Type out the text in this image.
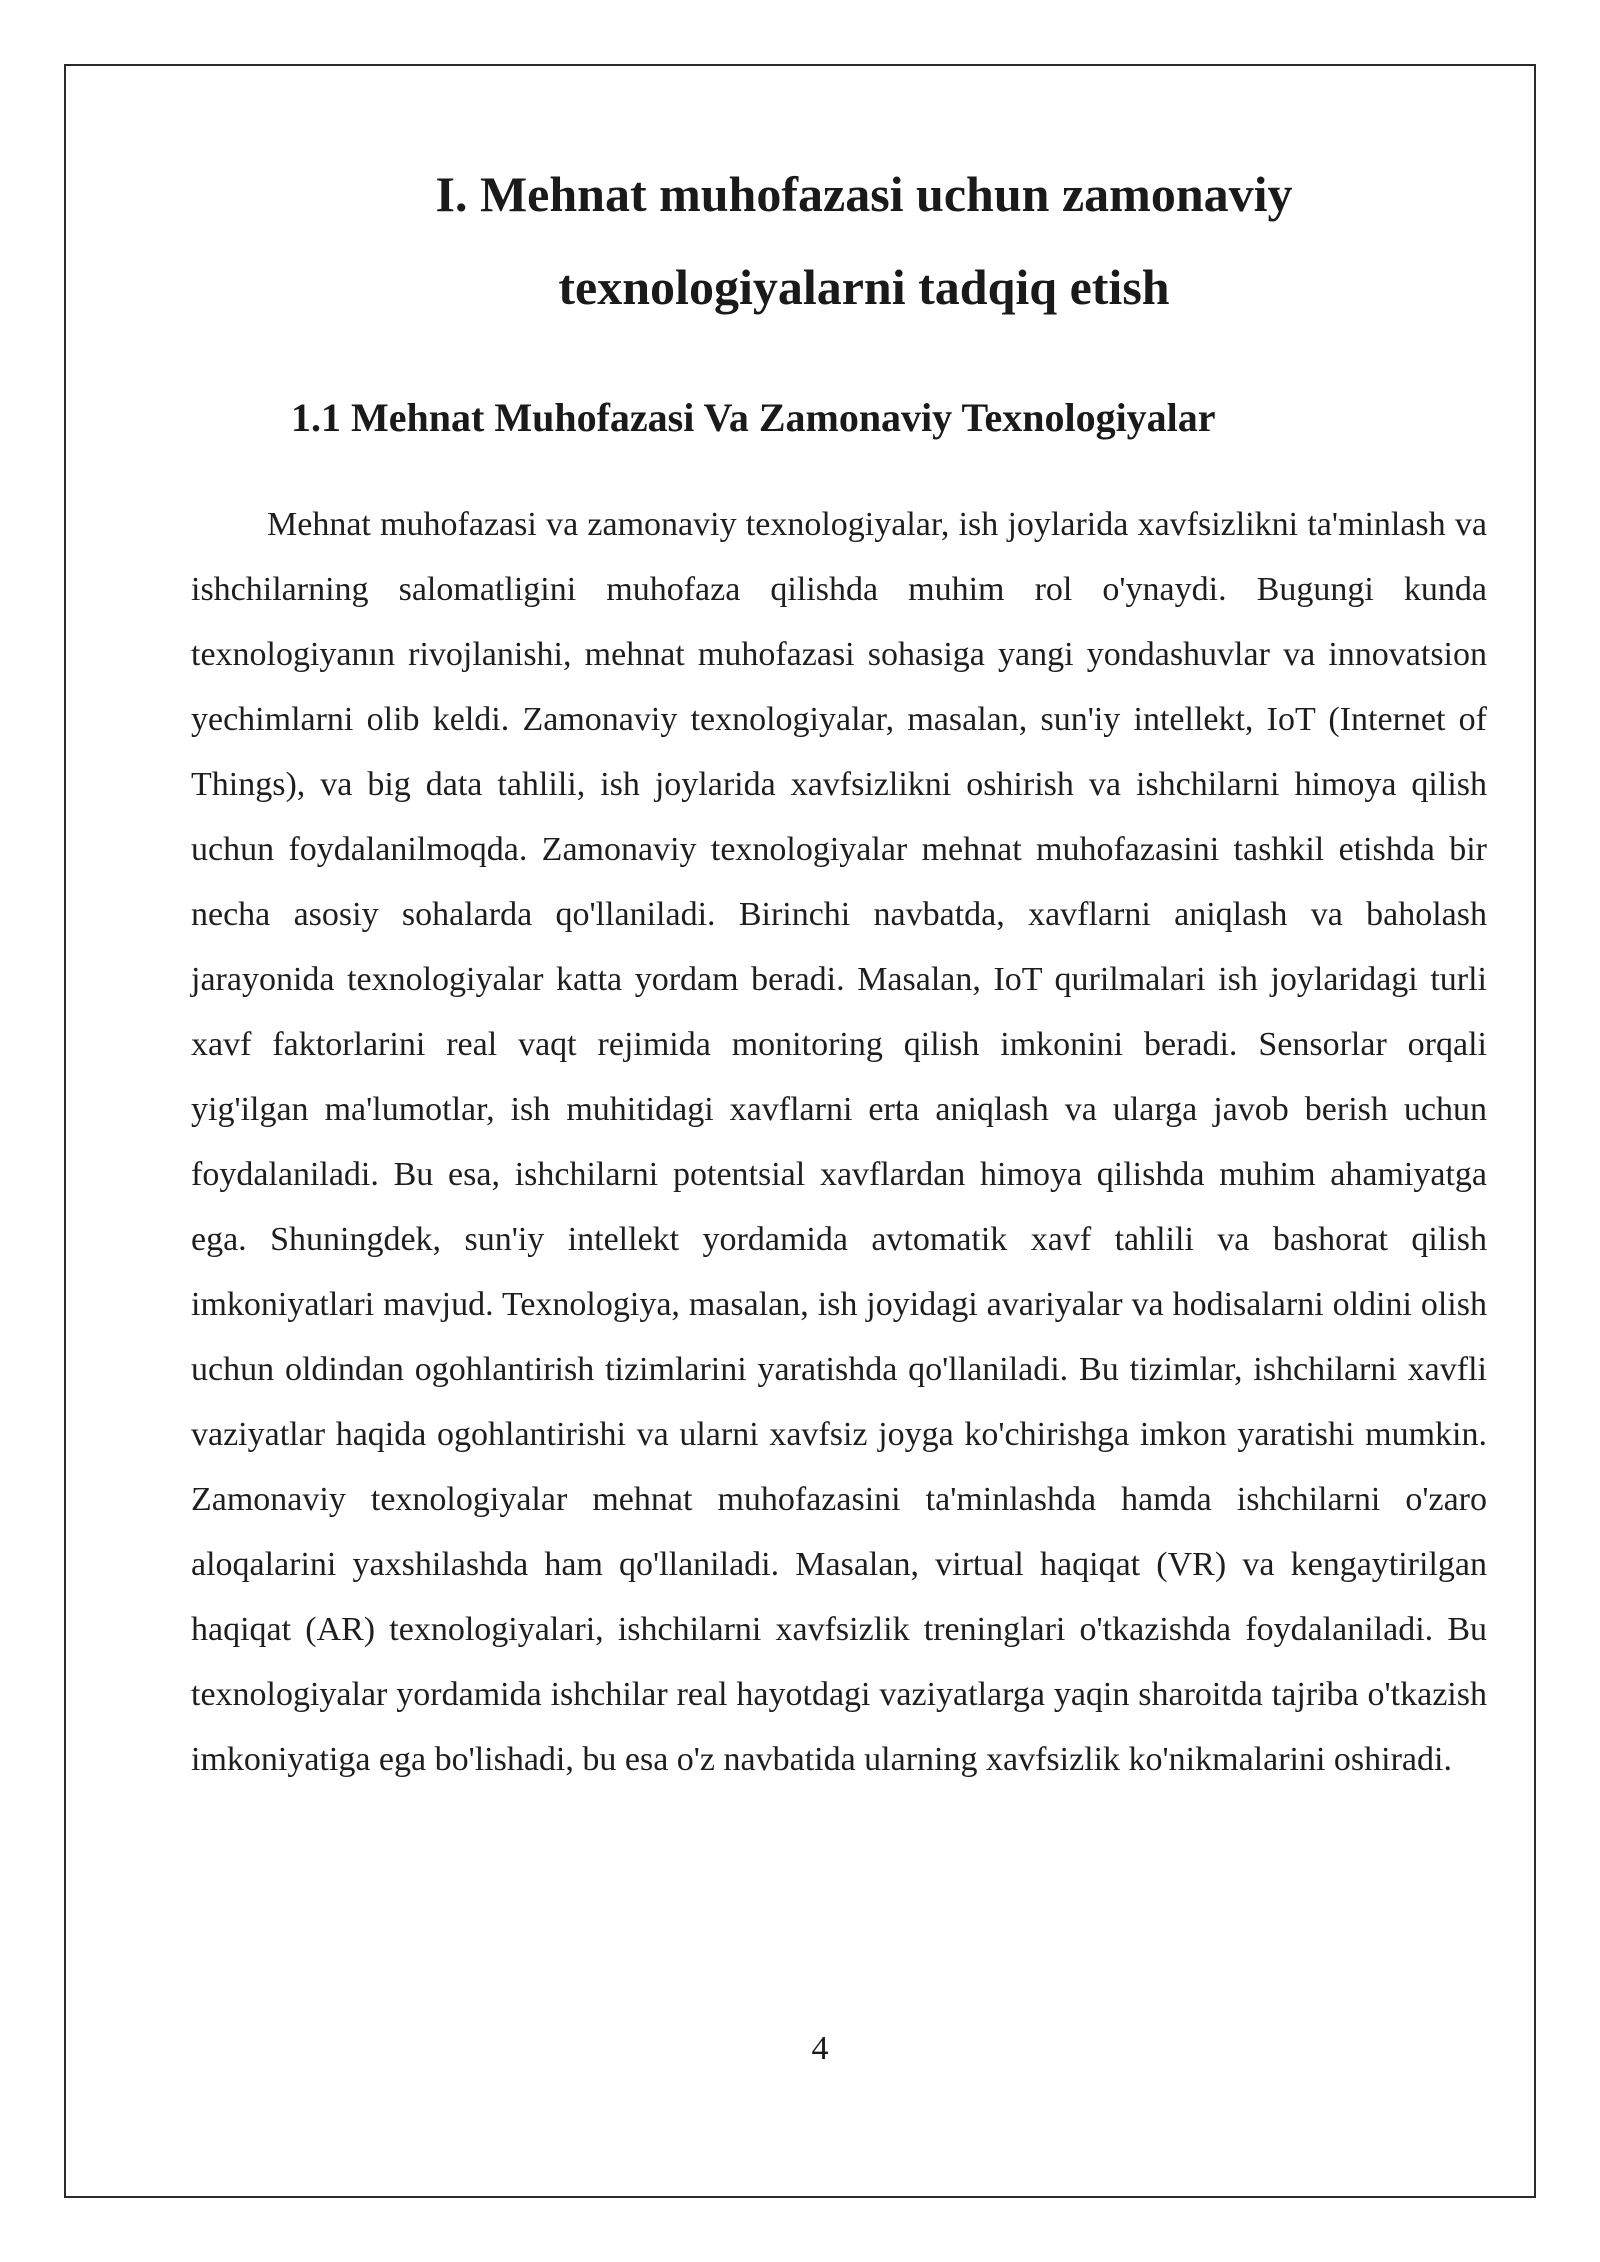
I. Mehnat muhofazasi uchun zamonaviy
texnologiyalarni tadqiq etish
1.1 Mehnat Muhofazasi Va Zamonaviy Texnologiyalar

Mehnat muhofazasi va zamonaviy texnologiyalar, ish joylarida xavfsizlikni ta'minlash va ishchilarning salomatligini muhofaza qilishda muhim rol o'ynaydi. Bugungi kunda texnologiyanın rivojlanishi, mehnat muhofazasi sohasiga yangi yondashuvlar va innovatsion yechimlarni olib keldi. Zamonaviy texnologiyalar, masalan, sun'iy intellekt, IoT (Internet of Things), va big data tahlili, ish joylarida xavfsizlikni oshirish va ishchilarni himoya qilish uchun foydalanilmoqda. Zamonaviy texnologiyalar mehnat muhofazasini tashkil etishda bir necha asosiy sohalarda qo'llaniladi. Birinchi navbatda, xavflarni aniqlash va baholash jarayonida texnologiyalar katta yordam beradi. Masalan, IoT qurilmalari ish joylaridagi turli xavf faktorlarini real vaqt rejimida monitoring qilish imkonini beradi. Sensorlar orqali yig'ilgan ma'lumotlar, ish muhitidagi xavflarni erta aniqlash va ularga javob berish uchun foydalaniladi. Bu esa, ishchilarni potentsial xavflardan himoya qilishda muhim ahamiyatga ega. Shuningdek, sun'iy intellekt yordamida avtomatik xavf tahlili va bashorat qilish imkoniyatlari mavjud. Texnologiya, masalan, ish joyidagi avariyalar va hodisalarni oldini olish uchun oldindan ogohlantirish tizimlarini yaratishda qo'llaniladi. Bu tizimlar, ishchilarni xavfli vaziyatlar haqida ogohlantirishi va ularni xavfsiz joyga ko'chirishga imkon yaratishi mumkin. Zamonaviy texnologiyalar mehnat muhofazasini ta'minlashda hamda ishchilarni o'zaro aloqalarini yaxshilashda ham qo'llaniladi. Masalan, virtual haqiqat (VR) va kengaytirilgan haqiqat (AR) texnologiyalari, ishchilarni xavfsizlik treninglari o'tkazishda foydalaniladi. Bu texnologiyalar yordamida ishchilar real hayotdagi vaziyatlarga yaqin sharoitda tajriba o'tkazish imkoniyatiga ega bo'lishadi, bu esa o'z navbatida ularning xavfsizlik ko'nikmalarini oshiradi.

4
